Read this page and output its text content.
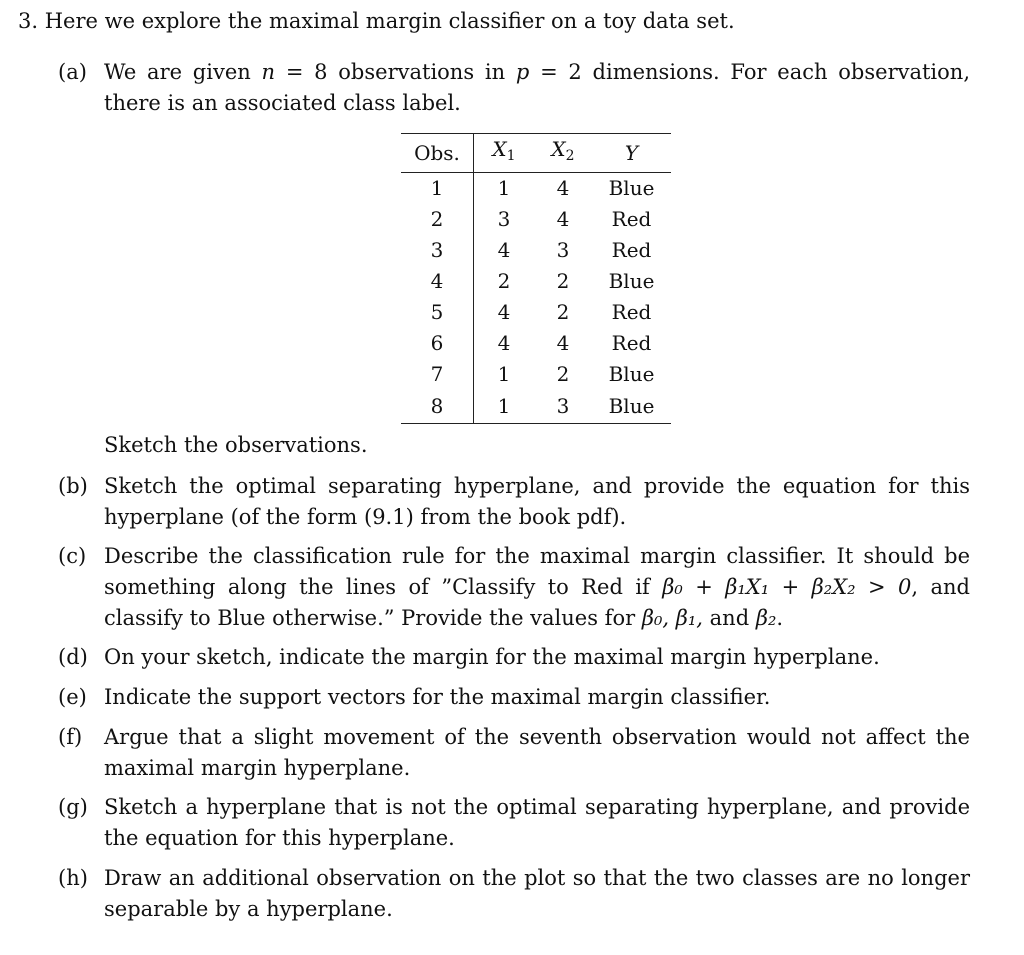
3. Here we explore the maximal margin classifier on a toy data set.
(a) We are given n = 8 observations in p = 2 dimensions. For each observation,
there is an associated class label.
Obs.	$X_1$	$X_2$	Y
1	1	4	Blue
2	3	4	Red
3	4	3	Red
4	2	2	Blue
5	4	2	Red
6	4	4	Red
7	1	2	Blue
8	1	3	Blue
Sketch the observations.
(b) Sketch the optimal separating hyperplane, and provide the equation for this
hyperplane (of the form (9.1) from the book pdf).
(c) Describe the classification rule for the maximal margin classifier. It should be
something along the lines of ”Classify to Red if β₀ + β₁X₁ + β₂X₂ > 0, and
classify to Blue otherwise.” Provide the values for β₀, β₁, and β₂.
(d) On your sketch, indicate the margin for the maximal margin hyperplane.
(e) Indicate the support vectors for the maximal margin classifier.
(f)	Argue that a slight movement of the seventh observation would not affect the
maximal margin hyperplane.
(g) Sketch a hyperplane that is not the optimal separating hyperplane, and provide
the equation for this hyperplane.
(h) Draw an additional observation on the plot so that the two classes are no longer
separable by a hyperplane.
